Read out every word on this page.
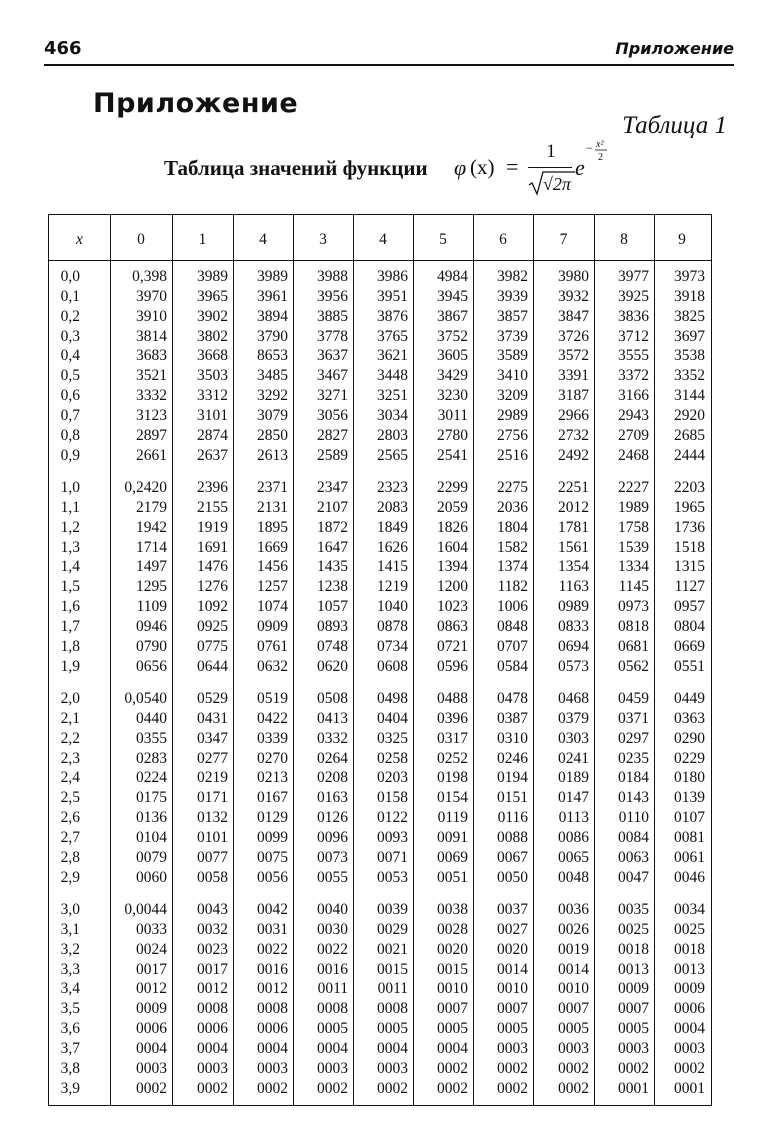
466	Приложение
Приложение
Таблица 1
Таблица значений функции φ (x) =
1
√2π
e
− x²
2
x	0	1	4	3	4	5	6	7	8	9
0,0	0,398	3989	3989	3988	3986	4984	3982	3980	3977	3973
0,1	3970	3965	3961	3956	3951	3945	3939	3932	3925	3918
0,2	3910	3902	3894	3885	3876	3867	3857	3847	3836	3825
0,3	3814	3802	3790	3778	3765	3752	3739	3726	3712	3697
0,4	3683	3668	8653	3637	3621	3605	3589	3572	3555	3538
0,5	3521	3503	3485	3467	3448	3429	3410	3391	3372	3352
0,6	3332	3312	3292	3271	3251	3230	3209	3187	3166	3144
0,7	3123	3101	3079	3056	3034	3011	2989	2966	2943	2920
0,8	2897	2874	2850	2827	2803	2780	2756	2732	2709	2685
0,9	2661	2637	2613	2589	2565	2541	2516	2492	2468	2444
1,0	0,2420	2396	2371	2347	2323	2299	2275	2251	2227	2203
1,1	2179	2155	2131	2107	2083	2059	2036	2012	1989	1965
1,2	1942	1919	1895	1872	1849	1826	1804	1781	1758	1736
1,3	1714	1691	1669	1647	1626	1604	1582	1561	1539	1518
1,4	1497	1476	1456	1435	1415	1394	1374	1354	1334	1315
1,5	1295	1276	1257	1238	1219	1200	1182	1163	1145	1127
1,6	1109	1092	1074	1057	1040	1023	1006	0989	0973	0957
1,7	0946	0925	0909	0893	0878	0863	0848	0833	0818	0804
1,8	0790	0775	0761	0748	0734	0721	0707	0694	0681	0669
1,9	0656	0644	0632	0620	0608	0596	0584	0573	0562	0551
2,0	0,0540	0529	0519	0508	0498	0488	0478	0468	0459	0449
2,1	0440	0431	0422	0413	0404	0396	0387	0379	0371	0363
2,2	0355	0347	0339	0332	0325	0317	0310	0303	0297	0290
2,3	0283	0277	0270	0264	0258	0252	0246	0241	0235	0229
2,4	0224	0219	0213	0208	0203	0198	0194	0189	0184	0180
2,5	0175	0171	0167	0163	0158	0154	0151	0147	0143	0139
2,6	0136	0132	0129	0126	0122	0119	0116	0113	0110	0107
2,7	0104	0101	0099	0096	0093	0091	0088	0086	0084	0081
2,8	0079	0077	0075	0073	0071	0069	0067	0065	0063	0061
2,9	0060	0058	0056	0055	0053	0051	0050	0048	0047	0046
3,0	0,0044	0043	0042	0040	0039	0038	0037	0036	0035	0034
3,1	0033	0032	0031	0030	0029	0028	0027	0026	0025	0025
3,2	0024	0023	0022	0022	0021	0020	0020	0019	0018	0018
3,3	0017	0017	0016	0016	0015	0015	0014	0014	0013	0013
3,4	0012	0012	0012	0011	0011	0010	0010	0010	0009	0009
3,5	0009	0008	0008	0008	0008	0007	0007	0007	0007	0006
3,6	0006	0006	0006	0005	0005	0005	0005	0005	0005	0004
3,7	0004	0004	0004	0004	0004	0004	0003	0003	0003	0003
3,8	0003	0003	0003	0003	0003	0002	0002	0002	0002	0002
3,9	0002	0002	0002	0002	0002	0002	0002	0002	0001	0001
